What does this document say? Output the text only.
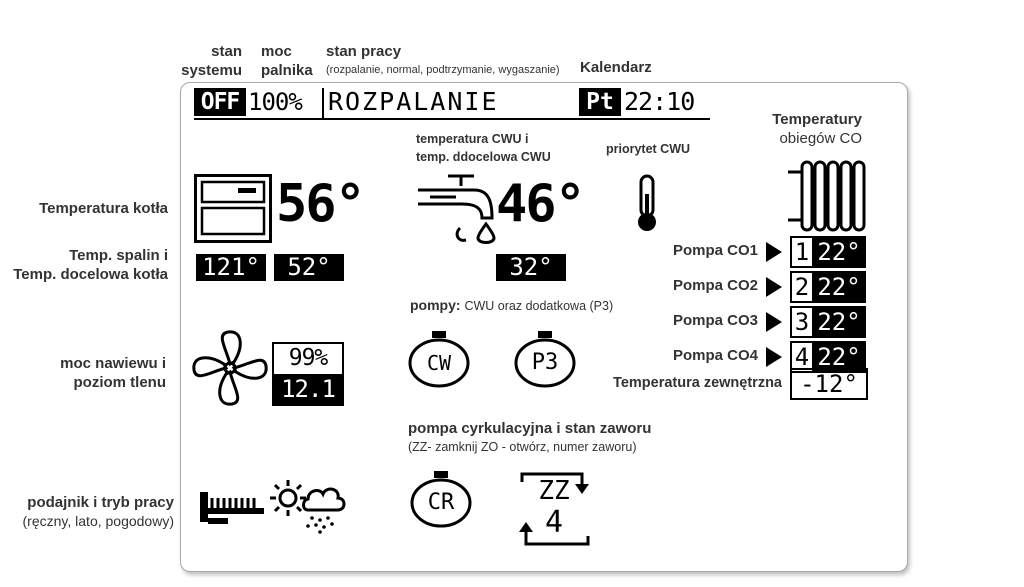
stan
systemu
moc
palnika
stan pracy
(rozpalanie, normal, podtrzymanie, wygaszanie) Kalendarz
Temperatura kotła
Temp. spalin i
Temp. docelowa kotła
moc nawiewu i
poziom tlenu
podajnik i tryb pracy
(ręczny, lato, pogodowy)
OFF 100% ROZPALANIE	Pt 22:10
56°
121°	52°
99%
12.1
temperatura CWU i
temp. ddocelowa CWU
priorytet CWU
46°
32°
Temperatury
obiegów CO
Pompa CO1 1 22°
Pompa CO2 2 22°
Pompa CO3 3 22°
Pompa CO4 4 22°
Temperatura zewnętrzna -12°
pompy: CWU oraz dodatkowa (P3)
CW	P3
pompa cyrkulacyjna i stan zaworu
(ZZ- zamknij ZO - otwórz, numer zaworu)
CR	ZZ
4
